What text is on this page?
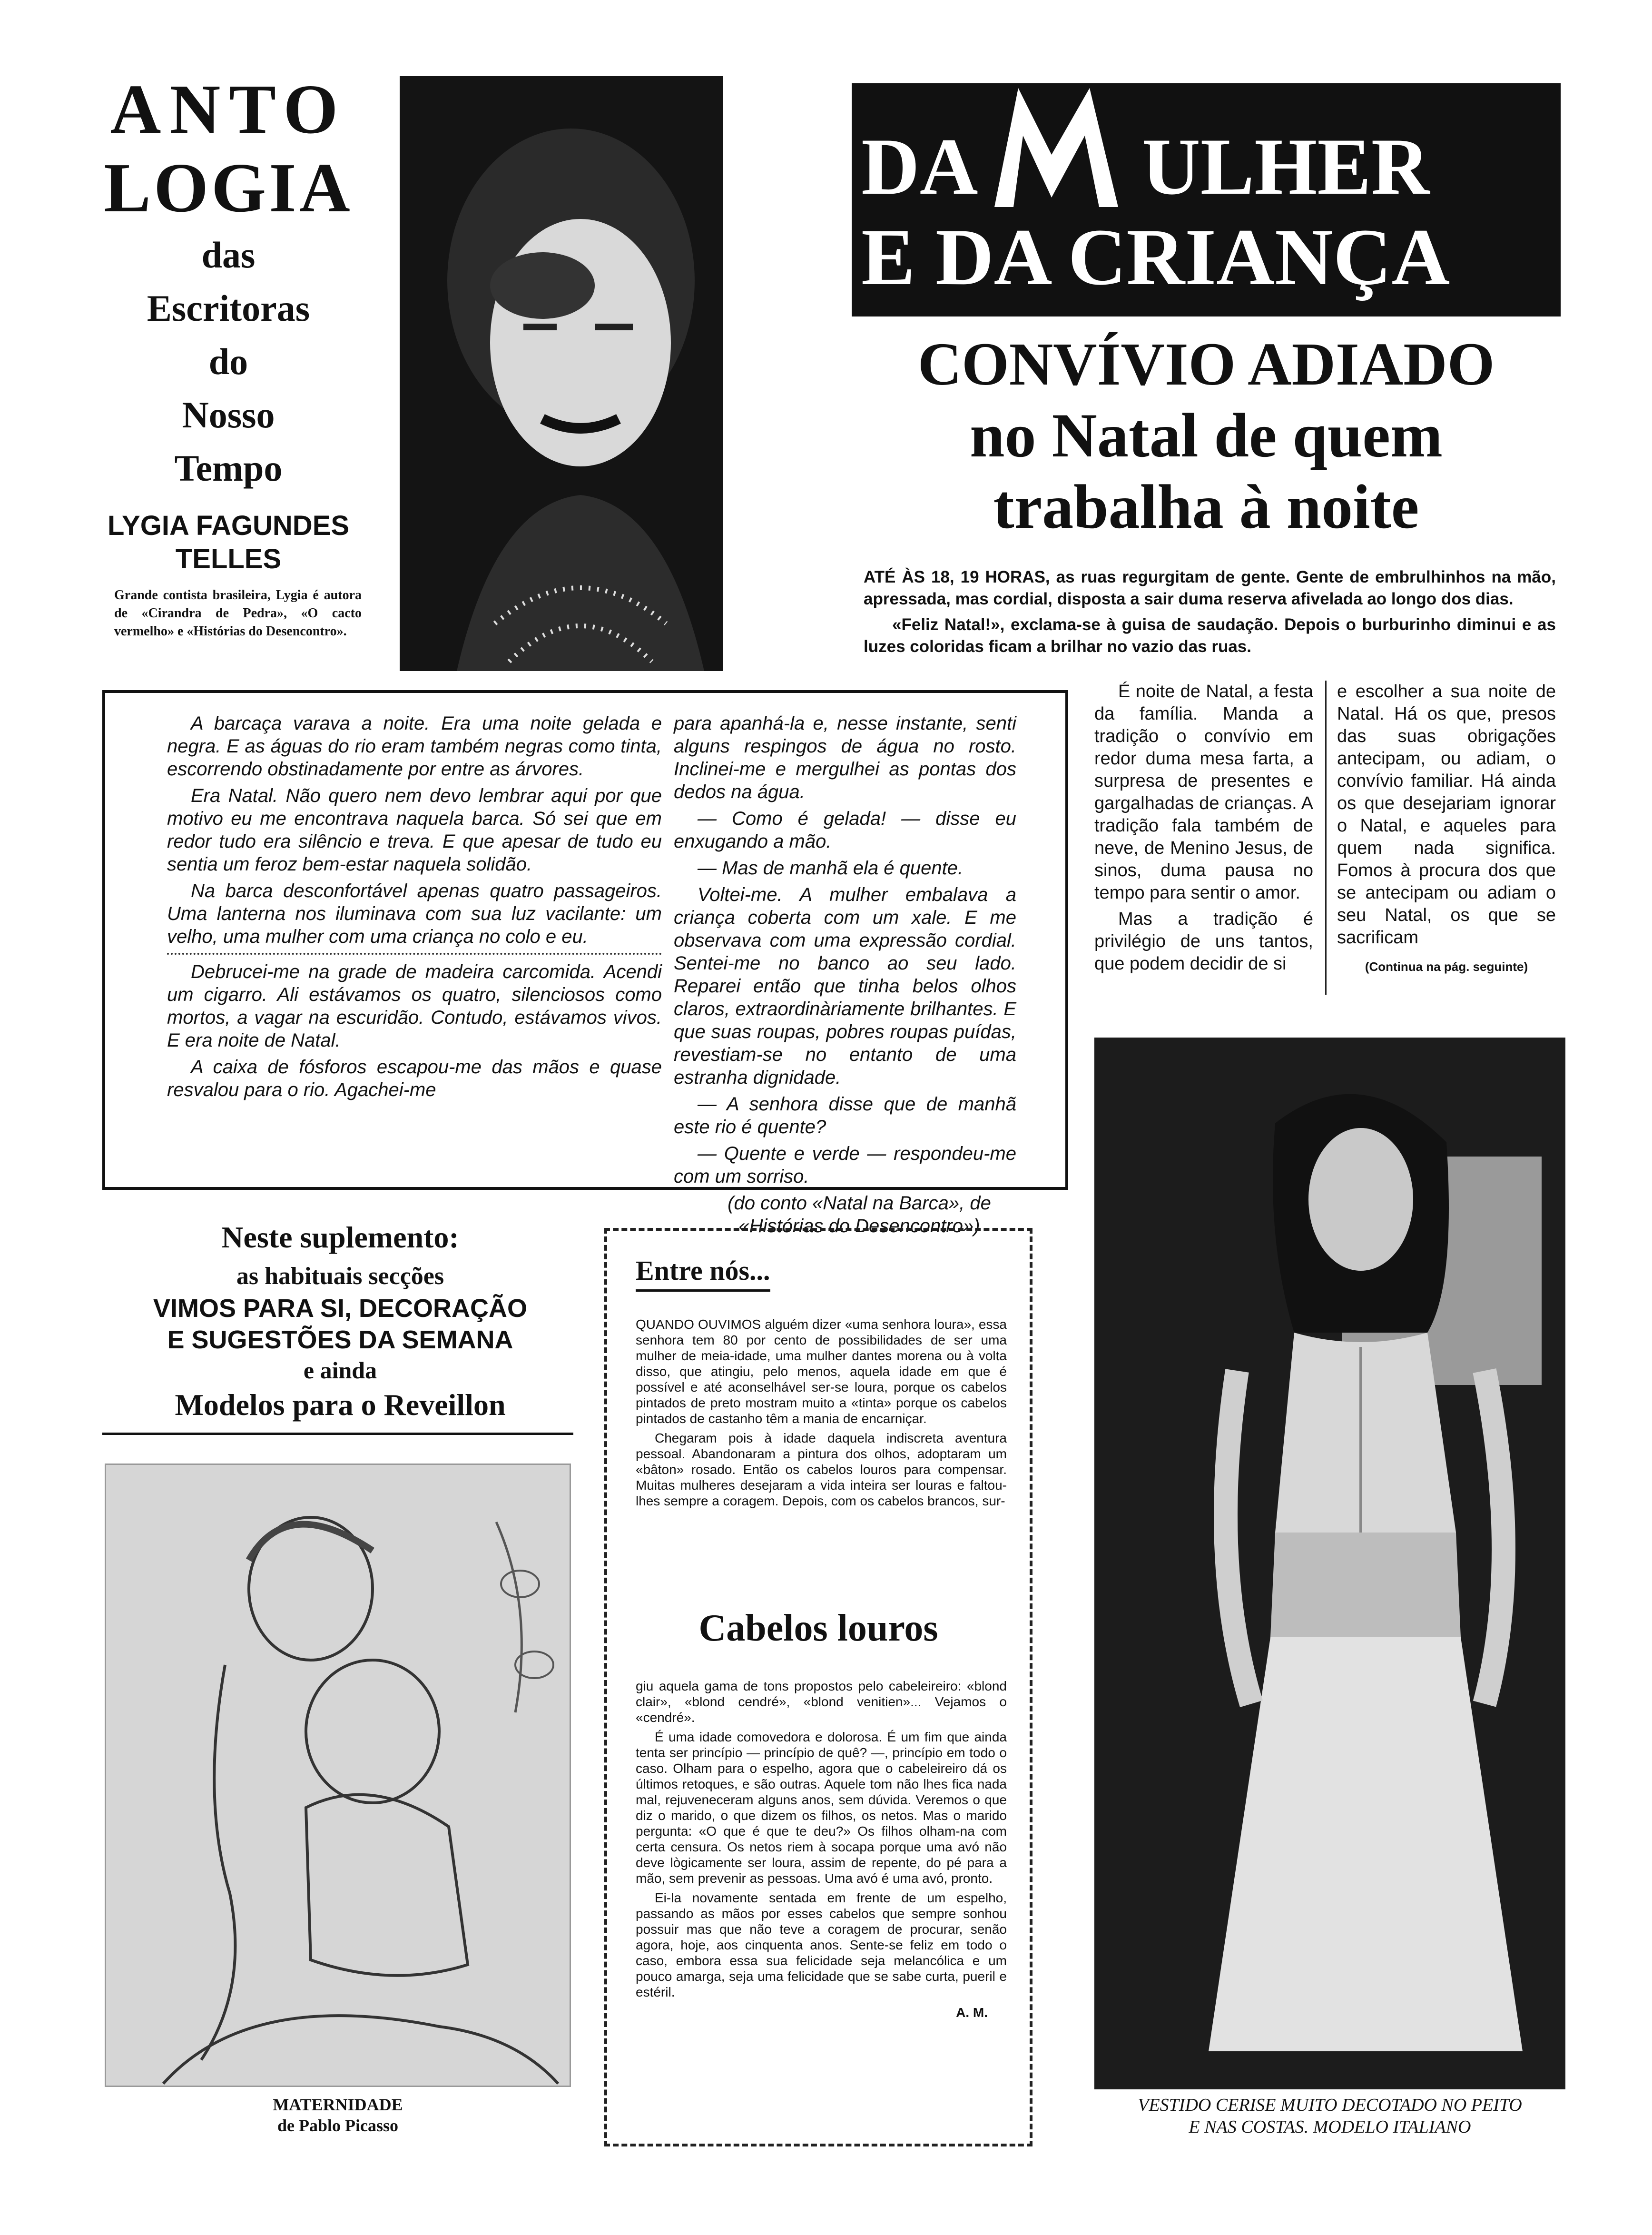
ANTO
LOGIA
das
Escritoras
do
Nosso
Tempo
LYGIA FAGUNDES
TELLES
Grande contista brasileira, Lygia é autora de «Cirandra de Pedra», «O cacto vermelho» e «Histórias do Desencontro».
DA ULHER
E DA CRIANÇA
CONVÍVIO ADIADO
no Natal de quem
trabalha à noite

ATÉ ÀS 18, 19 HORAS, as ruas regurgitam de gente. Gente de embrulhinhos na mão, apressada, mas cordial, disposta a sair duma reserva afivelada ao longo dos dias.

«Feliz Natal!», exclama-se à guisa de saudação. Depois o burburinho diminui e as luzes coloridas ficam a brilhar no vazio das ruas.

É noite de Natal, a festa da família. Manda a tradição o convívio em redor duma mesa farta, a surpresa de presentes e gargalhadas de crianças. A tradição fala também de neve, de Menino Jesus, de sinos, duma pausa no tempo para sentir o amor.

Mas a tradição é privilégio de uns tantos, que podem decidir de si

e escolher a sua noite de Natal. Há os que, presos das suas obrigações antecipam, ou adiam, o convívio familiar. Há ainda os que desejariam ignorar o Natal, e aqueles para quem nada significa. Fomos à procura dos que se antecipam ou adiam o seu Natal, os que se sacrificam

(Continua na pág. seguinte)

A barcaça varava a noite. Era uma noite gelada e negra. E as águas do rio eram também negras como tinta, escorrendo obstinadamente por entre as árvores.

Era Natal. Não quero nem devo lembrar aqui por que motivo eu me encontrava naquela barca. Só sei que em redor tudo era silêncio e treva. E que apesar de tudo eu sentia um feroz bem-estar naquela solidão.

Na barca desconfortável apenas quatro passageiros. Uma lanterna nos iluminava com sua luz vacilante: um velho, uma mulher com uma criança no colo e eu.

Debrucei-me na grade de madeira carcomida. Acendi um cigarro. Ali estávamos os quatro, silenciosos como mortos, a vagar na escuridão. Contudo, estávamos vivos. E era noite de Natal.

A caixa de fósforos escapou-me das mãos e quase resvalou para o rio. Agachei-me

para apanhá-la e, nesse instante, senti alguns respingos de água no rosto. Inclinei-me e mergulhei as pontas dos dedos na água.

— Como é gelada! — disse eu enxugando a mão.

— Mas de manhã ela é quente.

Voltei-me. A mulher embalava a criança coberta com um xale. E me observava com uma expressão cordial. Sentei-me no banco ao seu lado. Reparei então que tinha belos olhos claros, extraordinàriamente brilhantes. E que suas roupas, pobres roupas puídas, revestiam-se no entanto de uma estranha dignidade.

— A senhora disse que de manhã este rio é quente?

— Quente e verde — respondeu-me com um sorriso.

(do conto «Natal na Barca», de «Histórias do Desencontro»)

Neste suplemento:
as habituais secções
VIMOS PARA SI, DECORAÇÃO
E SUGESTÕES DA SEMANA
e ainda
Modelos para o Reveillon
MATERNIDADE
de Pablo Picasso
Entre nós...

QUANDO OUVIMOS alguém dizer «uma senhora loura», essa senhora tem 80 por cento de possibilidades de ser uma mulher de meia-idade, uma mulher dantes morena ou à volta disso, que atingiu, pelo menos, aquela idade em que é possível e até aconselhável ser-se loura, porque os cabelos pintados de preto mostram muito a «tinta» porque os cabelos pintados de castanho têm a mania de encarniçar.

Chegaram pois à idade daquela indiscreta aventura pessoal. Abandonaram a pintura dos olhos, adoptaram um «bâton» rosado. Então os cabelos louros para compensar. Muitas mulheres desejaram a vida inteira ser louras e faltou-lhes sempre a coragem. Depois, com os cabelos brancos, sur-

Cabelos louros

giu aquela gama de tons propostos pelo cabeleireiro: «blond clair», «blond cendré», «blond venitien»... Vejamos o «cendré».

É uma idade comovedora e dolorosa. É um fim que ainda tenta ser princípio — princípio de quê? —, princípio em todo o caso. Olham para o espelho, agora que o cabeleireiro dá os últimos retoques, e são outras. Aquele tom não lhes fica nada mal, rejuveneceram alguns anos, sem dúvida. Veremos o que diz o marido, o que dizem os filhos, os netos. Mas o marido pergunta: «O que é que te deu?» Os filhos olham-na com certa censura. Os netos riem à socapa porque uma avó não deve lògicamente ser loura, assim de repente, do pé para a mão, sem prevenir as pessoas. Uma avó é uma avó, pronto.

Ei-la novamente sentada em frente de um espelho, passando as mãos por esses cabelos que sempre sonhou possuir mas que não teve a coragem de procurar, senão agora, hoje, aos cinquenta anos. Sente-se feliz em todo o caso, embora essa sua felicidade seja melancólica e um pouco amarga, seja uma felicidade que se sabe curta, pueril e estéril.

A. M.
VESTIDO CERISE MUITO DECOTADO NO PEITO
E NAS COSTAS. MODELO ITALIANO
